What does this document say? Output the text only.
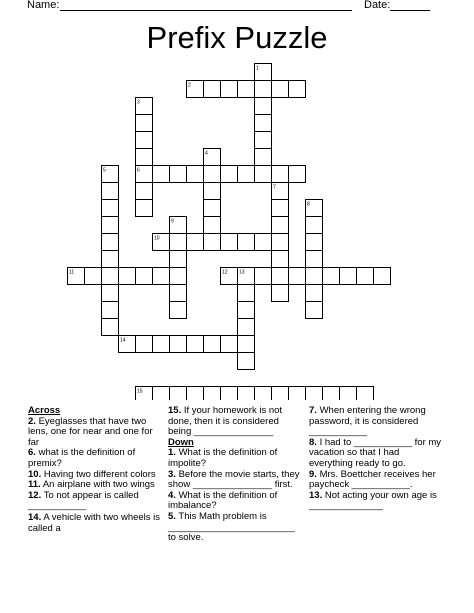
Name:	Date:
Prefix Puzzle
1
2
3
4
5	6
7
8
9
10
11	12 13
14
15

Across

2. Eyeglasses that have two lens, one for near and one for far

6. what is the definition of premix?

10. Having two different colors

11. An airplane with two wings

12. To not appear is called ___________

14. A vehicle with two wheels is called a

15. If your homework is not done, then it is considered being _______________

Down

1. What is the definition of impolite?

3. Before the movie starts, they show _______________ first.

4. What is the definition of imbalance?

5. This Math problem is ________________________ to solve.

7. When entering the wrong password, it is considered ___________

8. I had to ___________ for my vacation so that I had everything ready to go.

9. Mrs. Boettcher receives her paycheck ___________.

13. Not acting your own age is ______________
